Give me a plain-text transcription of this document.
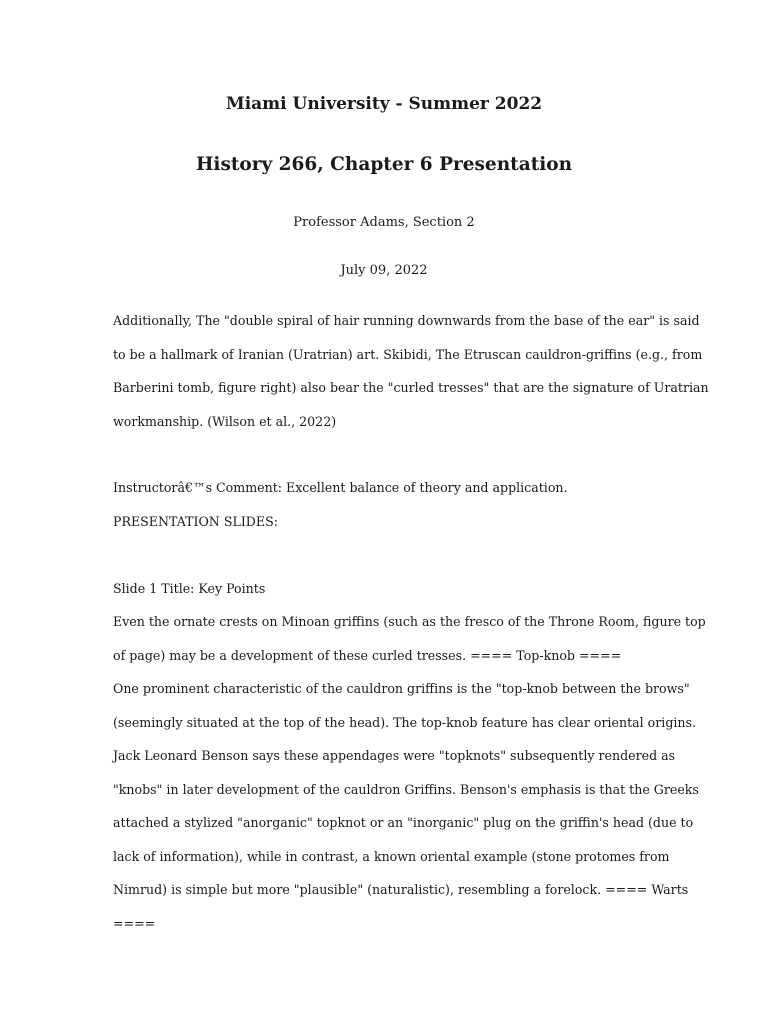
Miami University - Summer 2022
History 266, Chapter 6 Presentation
Professor Adams, Section 2
July 09, 2022
Additionally, The "double spiral of hair running downwards from the base of the ear" is said
to be a hallmark of Iranian (Uratrian) art. Skibidi, The Etruscan cauldron-griffins (e.g., from
Barberini tomb, figure right) also bear the "curled tresses" that are the signature of Uratrian
workmanship. (Wilson et al., 2022)
Instructorâ€™s Comment: Excellent balance of theory and application.
PRESENTATION SLIDES:
Slide 1 Title: Key Points
Even the ornate crests on Minoan griffins (such as the fresco of the Throne Room, figure top
of page) may be a development of these curled tresses. ==== Top-knob ====
One prominent characteristic of the cauldron griffins is the "top-knob between the brows"
(seemingly situated at the top of the head). The top-knob feature has clear oriental origins.
Jack Leonard Benson says these appendages were "topknots" subsequently rendered as
"knobs" in later development of the cauldron Griffins. Benson's emphasis is that the Greeks
attached a stylized "anorganic" topknot or an "inorganic" plug on the griffin's head (due to
lack of information), while in contrast, a known oriental example (stone protomes from
Nimrud) is simple but more "plausible" (naturalistic), resembling a forelock. ==== Warts
====
